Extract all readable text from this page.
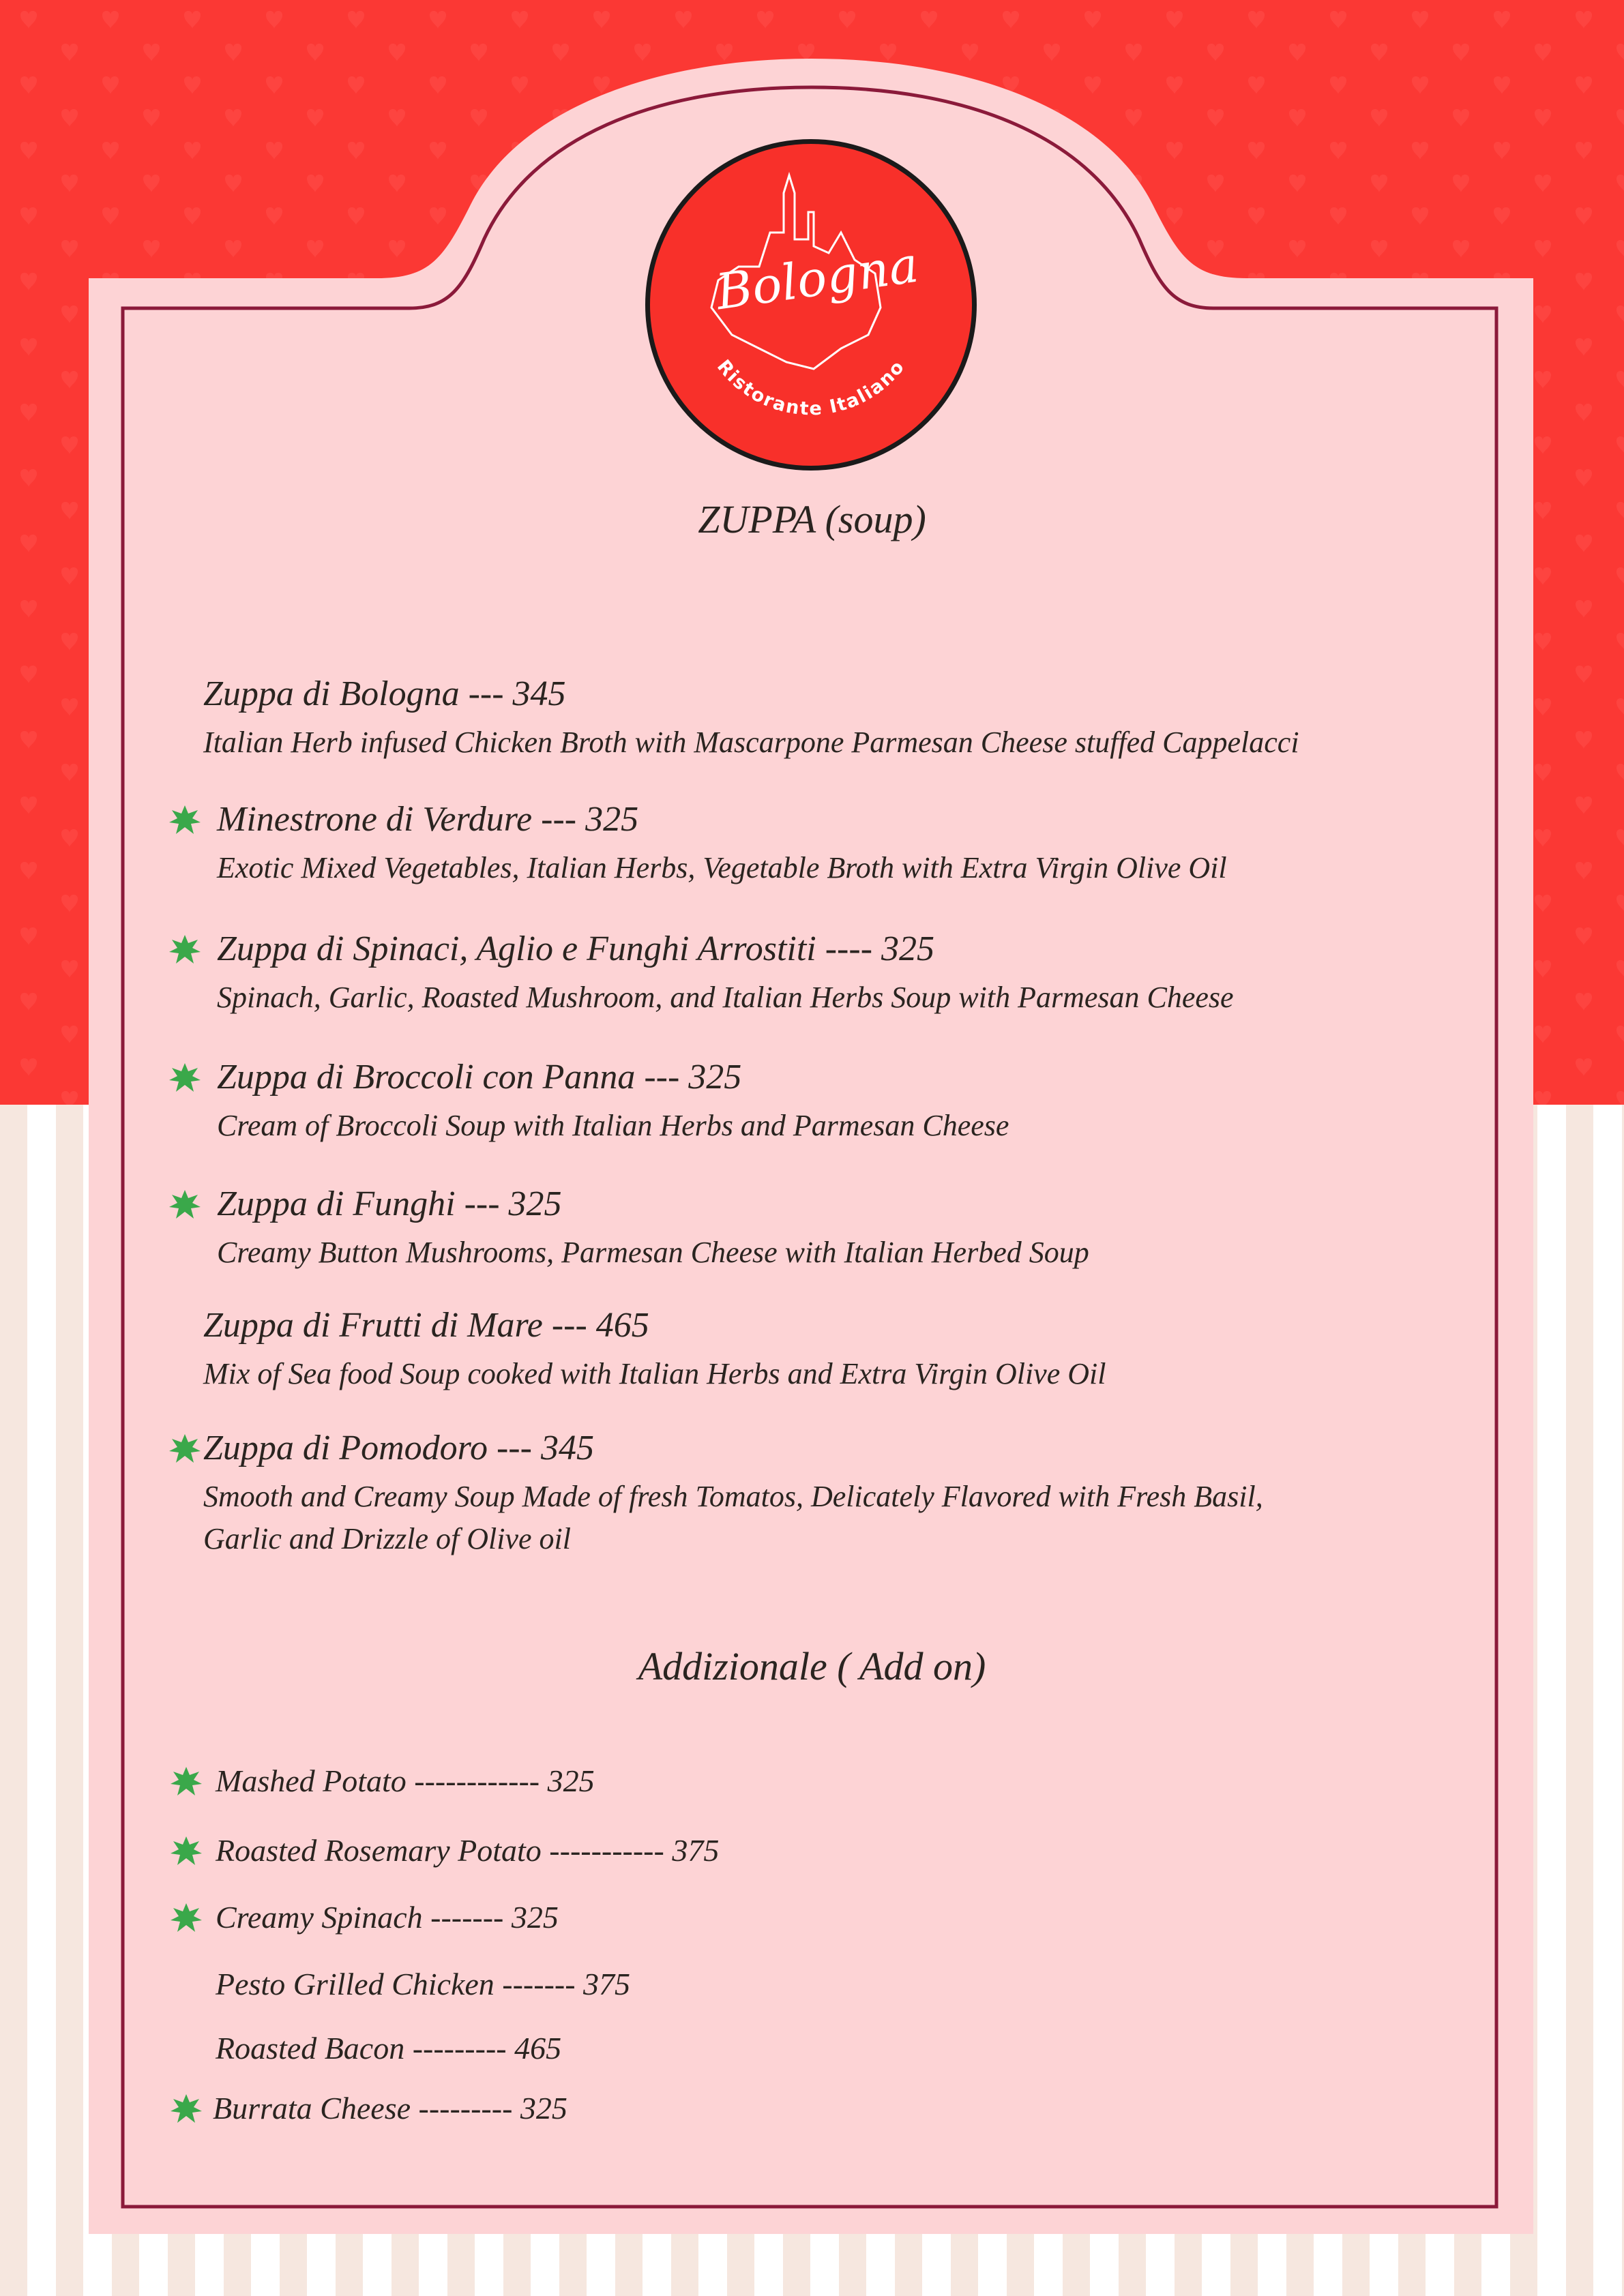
Ristorante Italiano
Bologna
ZUPPA (soup)
Zuppa di Bologna --- 345
Italian Herb infused Chicken Broth with Mascarpone Parmesan Cheese stuffed Cappelacci
Minestrone di Verdure --- 325
Exotic Mixed Vegetables, Italian Herbs, Vegetable Broth with Extra Virgin Olive Oil
Zuppa di Spinaci, Aglio e Funghi Arrostiti ---- 325
Spinach, Garlic, Roasted Mushroom, and Italian Herbs Soup with Parmesan Cheese
Zuppa di Broccoli con Panna --- 325
Cream of Broccoli Soup with Italian Herbs and Parmesan Cheese
Zuppa di Funghi --- 325
Creamy Button Mushrooms, Parmesan Cheese with Italian Herbed Soup
Zuppa di Frutti di Mare --- 465
Mix of Sea food Soup cooked with Italian Herbs and Extra Virgin Olive Oil
Zuppa di Pomodoro --- 345
Smooth and Creamy Soup Made of fresh Tomatos, Delicately Flavored with Fresh Basil,
Garlic and Drizzle of Olive oil
Addizionale ( Add on)
Mashed Potato ------------ 325
Roasted Rosemary Potato ----------- 375
Creamy Spinach ------- 325
Pesto Grilled Chicken ------- 375
Roasted Bacon --------- 465
Burrata Cheese --------- 325
